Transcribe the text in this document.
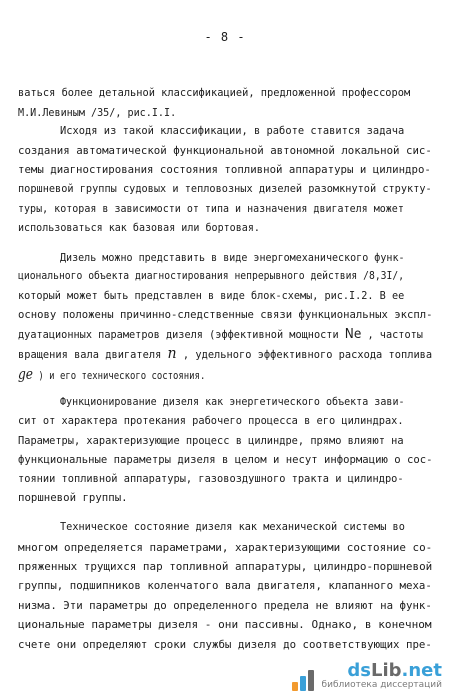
- 8 -
ваться более детальной классификацией, предложенной профессором
М.И.Левиным /35/, рис.I.I.
Исходя из такой классификации, в работе ставится задача
создания автоматической функциональной автономной локальной сис-
темы диагностирования состояния топливной аппаратуры и цилиндро-
поршневой группы судовых и тепловозных дизелей разомкнутой структу-
туры, которая в зависимости от типа и назначения двигателя может
использоваться как базовая или бортовая.
Дизель можно представить в виде энергомеханического функ-
ционального объекта диагностирования непрерывного действия /8,3I/,
который может быть представлен в виде блок-схемы, рис.I.2. В ее
основу положены причинно-следственные связи функциональных экспл-
дуатационных параметров дизеля (эффективной мощности Ne , частоты
вращения вала двигателя n , удельного эффективного расхода топлива
ge ) и его технического состояния.
Функционирование дизеля как энергетического объекта зави-
сит от характера протекания рабочего процесса в его цилиндрах.
Параметры, характеризующие процесс в цилиндре, прямо влияют на
функциональные параметры дизеля в целом и несут информацию о сос-
тоянии топливной аппаратуры, газовоздушного тракта и цилиндро-
поршневой группы.
Техническое состояние дизеля как механической системы во
многом определяется параметрами, характеризующими состояние со-
пряженных трущихся пар топливной аппаратуры, цилиндро-поршневой
группы, подшипников коленчатого вала двигателя, клапанного меха-
низма. Эти параметры до определенного предела не влияют на функ-
циональные параметры дизеля - они пассивны. Однако, в конечном
счете они определяют сроки службы дизеля до соответствующих пре-
dsLib.net
библиотека диссертаций
